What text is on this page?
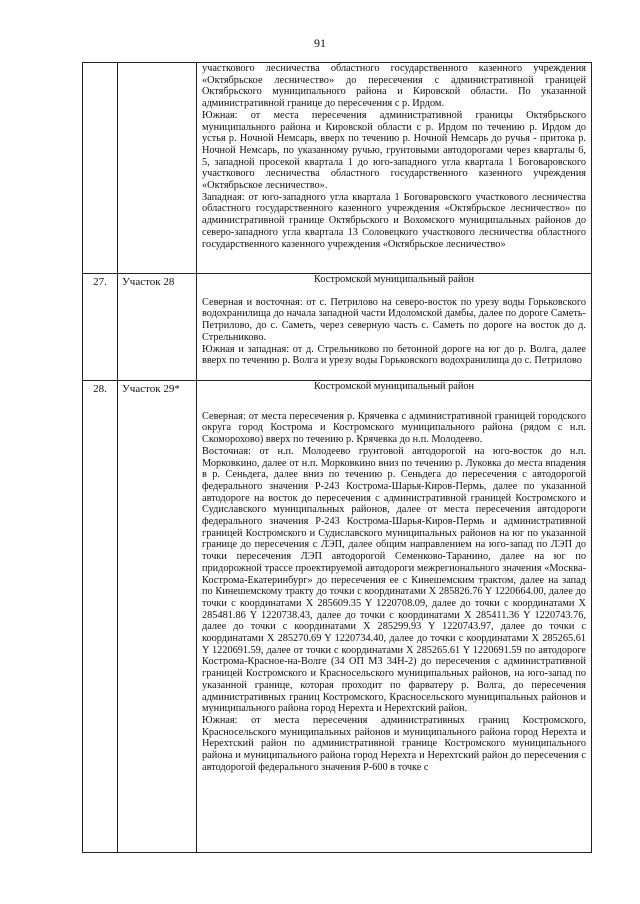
91

		участкового лесничества областного государственного казенного учреждения «Октябрьское лесничество» до пересечения с административной границей Октябрьского муниципального района и Кировской области. По указанной административной границе до пересечения с р. Ирдом.

Южная: от места пересечения административной границы Октябрьского муниципального района и Кировской области с р. Ирдом по течению р. Ирдом до устья р. Ночной Немсарь, вверх по течению р. Ночной Немсарь до ручья - притока р. Ночной Немсарь, по указанному ручью, грунтовыми автодорогами через кварталы 6, 5, западной просекой квартала 1 до юго-западного угла квартала 1 Боговаровского участкового лесничества областного государственного казенного учреждения «Октябрьское лесничество».

Западная: от юго-западного угла квартала 1 Боговаровского участкового лесничества областного государственного казенного учреждения «Октябрьское лесничество» по административной границе Октябрьского и Вохомского муниципальных районов до северо-западного угла квартала 13 Соловецкого участкового лесничества областного государственного казенного учреждения «Октябрьское лесничество»

27.	Участок 28	Костромской муниципальный район

Северная и восточная: от с. Петрилово на северо-восток по урезу воды Горьковского водохранилища до начала западной части Идоломской дамбы, далее по дороге Саметь-Петрилово, до с. Саметь, через северную часть с. Саметь по дороге на восток до д. Стрельниково.

Южная и западная: от д. Стрельниково по бетонной дороге на юг до р. Волга, далее вверх по течению р. Волга и урезу воды Горьковского водохранилища до с. Петрилово

28.	Участок 29*	Костромской муниципальный район

Северная: от места пересечения р. Крячевка с административной границей городского округа город Кострома и Костромского муниципального района (рядом с н.п. Скоморохово) вверх по течению р. Крячевка до н.п. Молодеево.

Восточная: от н.п. Молодеево грунтовой автодорогой на юго-восток до н.п. Морковкино, далее от н.п. Морковкино вниз по течению р. Луковка до места впадения в р. Сеньдега, далее вниз по течению р. Сеньдега до пересечения с автодорогой федерального значения Р-243 Кострома-Шарья-Киров-Пермь, далее по указанной автодороге на восток до пересечения с административной границей Костромского и Судиславского муниципальных районов, далее от места пересечения автодороги федерального значения Р-243 Кострома-Шарья-Киров-Пермь и административной границей Костромского и Судиславского муниципальных районов на юг по указанной границе до пересечения с ЛЭП, далее общим направлением на юго-запад по ЛЭП до точки пересечения ЛЭП автодорогой Семенково-Таранино, далее на юг по придорожной трассе проектируемой автодороги межрегионального значения «Москва-Кострома-Екатеринбург» до пересечения ее с Кинешемским трактом, далее на запад по Кинешемскому тракту до точки с координатами X 285826.76 Y 1220664.00, далее до точки с координатами X 285609.35 Y 1220708.09, далее до точки с координатами X 285481.86 Y 1220738.43, далее до точки с координатами X 285411.36 Y 1220743.76, далее до точки с координатами X 285299.93 Y 1220743.97, далее до точки с координатами X 285270.69 Y 1220734.40, далее до точки с координатами X 285265.61 Y 1220691.59, далее от точки с координатами X 285265.61 Y 1220691.59 по автодороге Кострома-Красное-на-Волге (34 ОП МЗ 34Н-2) до пересечения с административной границей Костромского и Красносельского муниципальных районов, на юго-запад по указанной границе, которая проходит по фарватеру р. Волга, до пересечения административных границ Костромского, Красносельского муниципальных районов и муниципального района город Нерехта и Нерехтский район.

Южная: от места пересечения административных границ Костромского, Красносельского муниципальных районов и муниципального района город Нерехта и Нерехтский район по административной границе Костромского муниципального района и муниципального района город Нерехта и Нерехтский район до пересечения с автодорогой федерального значения Р-600 в точке с
